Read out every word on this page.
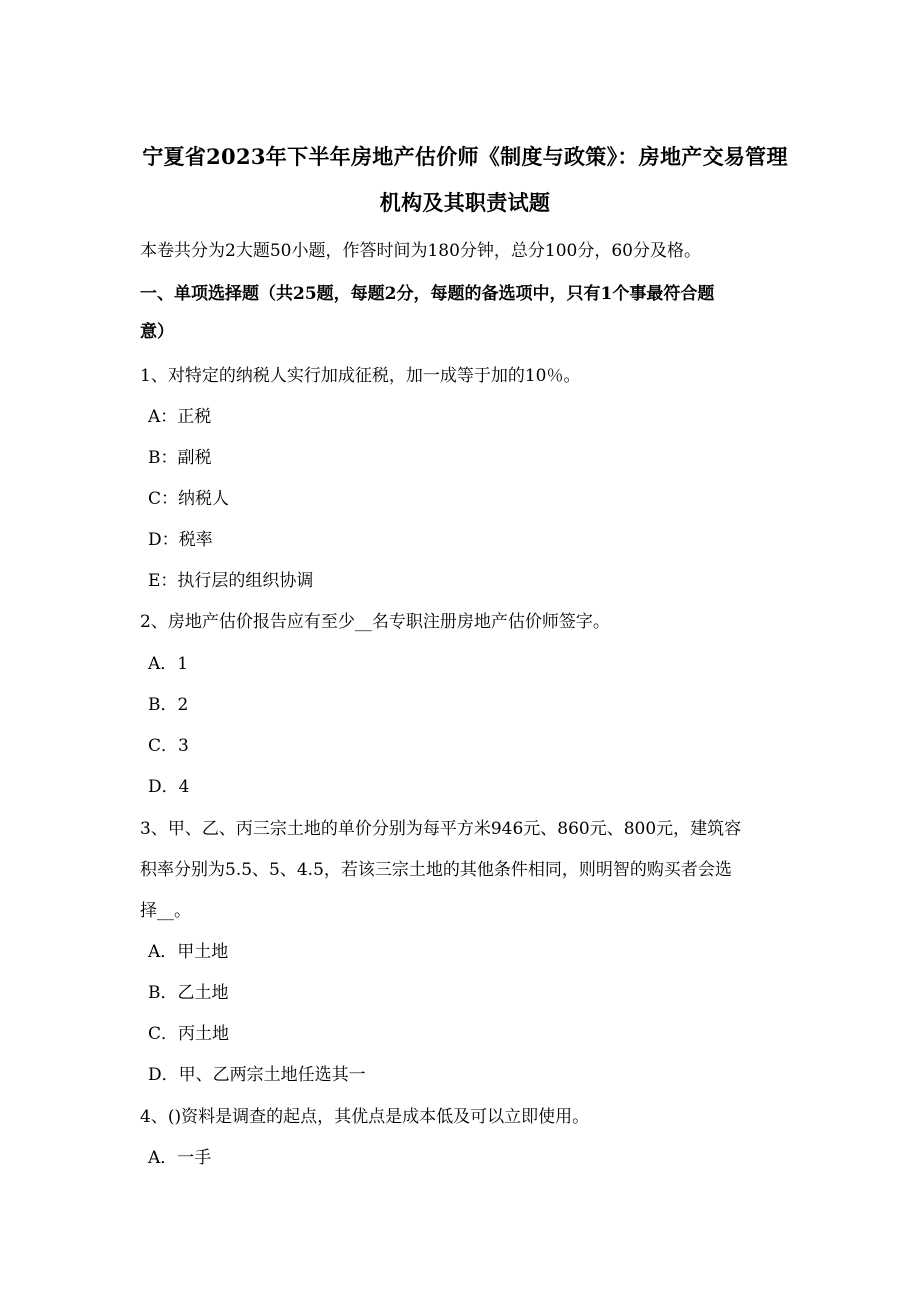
宁夏省2023年下半年房地产估价师《制度与政策》：房地产交易管理
机构及其职责试题
本卷共分为2大题50小题，作答时间为180分钟，总分100分，60分及格。
一、单项选择题（共25题，每题2分，每题的备选项中，只有1个事最符合题
意）
1、对特定的纳税人实行加成征税，加一成等于加的10％。
A：正税
B：副税
C：纳税人
D：税率
E：执行层的组织协调
2、房地产估价报告应有至少__名专职注册房地产估价师签字。
A．1
B．2
C．3
D．4
3、甲、乙、丙三宗土地的单价分别为每平方米946元、860元、800元，建筑容
积率分别为5.5、5、4.5，若该三宗土地的其他条件相同，则明智的购买者会选
择__。
A．甲土地
B．乙土地
C．丙土地
D．甲、乙两宗土地任选其一
4、()资料是调查的起点，其优点是成本低及可以立即使用。
A．一手
